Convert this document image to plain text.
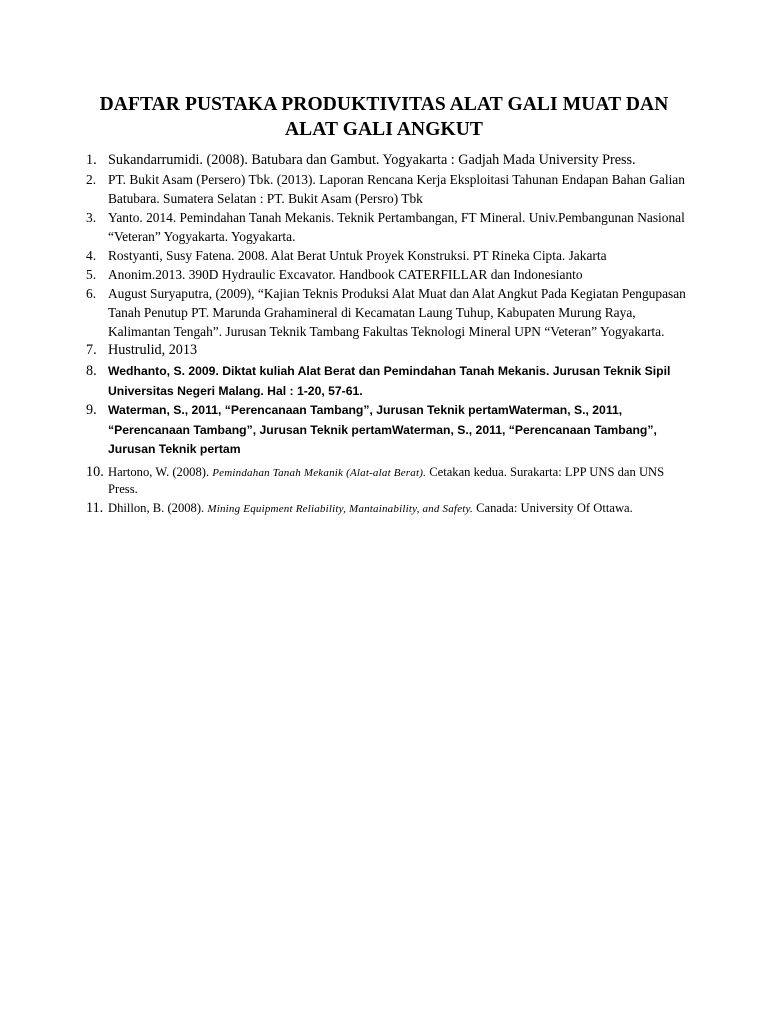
DAFTAR PUSTAKA PRODUKTIVITAS ALAT GALI MUAT DAN ALAT GALI ANGKUT
1. Sukandarrumidi. (2008). Batubara dan Gambut. Yogyakarta : Gadjah Mada University Press.
2. PT. Bukit Asam (Persero) Tbk. (2013). Laporan Rencana Kerja Eksploitasi Tahunan Endapan Bahan Galian Batubara. Sumatera Selatan : PT. Bukit Asam (Persro) Tbk
3. Yanto. 2014. Pemindahan Tanah Mekanis. Teknik Pertambangan, FT Mineral. Univ.Pembangunan Nasional “Veteran” Yogyakarta. Yogyakarta.
4. Rostyanti, Susy Fatena. 2008. Alat Berat Untuk Proyek Konstruksi. PT Rineka Cipta. Jakarta
5. Anonim.2013. 390D Hydraulic Excavator. Handbook CATERFILLAR dan Indonesianto
6. August Suryaputra, (2009), “Kajian Teknis Produksi Alat Muat dan Alat Angkut Pada Kegiatan Pengupasan Tanah Penutup PT. Marunda Grahamineral di Kecamatan Laung Tuhup, Kabupaten Murung Raya, Kalimantan Tengah”. Jurusan Teknik Tambang Fakultas Teknologi Mineral UPN “Veteran” Yogyakarta.
7. Hustrulid, 2013
8. Wedhanto, S. 2009. Diktat kuliah Alat Berat dan Pemindahan Tanah Mekanis. Jurusan Teknik Sipil Universitas Negeri Malang. Hal : 1-20, 57-61.
9. Waterman, S., 2011, “Perencanaan Tambang”, Jurusan Teknik pertamWaterman, S., 2011, “Perencanaan Tambang”, Jurusan Teknik pertamWaterman, S., 2011, “Perencanaan Tambang”, Jurusan Teknik pertam
10. Hartono, W. (2008). Pemindahan Tanah Mekanik (Alat-alat Berat). Cetakan kedua. Surakarta: LPP UNS dan UNS Press.
11. Dhillon, B. (2008). Mining Equipment Reliability, Mantainability, and Safety. Canada: University Of Ottawa.
